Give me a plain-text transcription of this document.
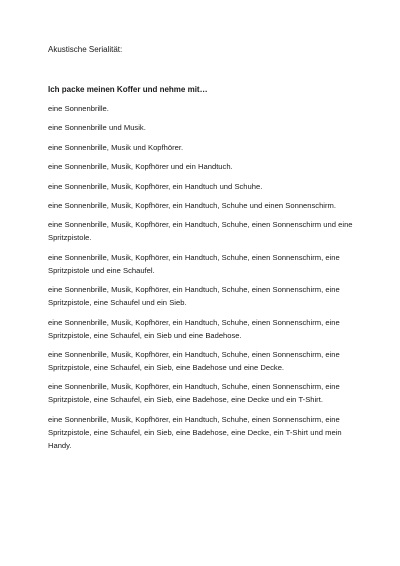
Akustische Serialität:

Ich packe meinen Koffer und nehme mit…

eine Sonnenbrille.
eine Sonnenbrille und Musik.
eine Sonnenbrille, Musik und Kopfhörer.
eine Sonnenbrille, Musik, Kopfhörer und ein Handtuch.
eine Sonnenbrille, Musik, Kopfhörer, ein Handtuch und Schuhe.
eine Sonnenbrille, Musik, Kopfhörer, ein Handtuch, Schuhe und einen Sonnenschirm.
eine Sonnenbrille, Musik, Kopfhörer, ein Handtuch, Schuhe, einen Sonnenschirm und eine Spritzpistole.
eine Sonnenbrille, Musik, Kopfhörer, ein Handtuch, Schuhe, einen Sonnenschirm, eine Spritzpistole und eine Schaufel.
eine Sonnenbrille, Musik, Kopfhörer, ein Handtuch, Schuhe, einen Sonnenschirm, eine Spritzpistole, eine Schaufel und ein Sieb.
eine Sonnenbrille, Musik, Kopfhörer, ein Handtuch, Schuhe, einen Sonnenschirm, eine Spritzpistole, eine Schaufel, ein Sieb und eine Badehose.
eine Sonnenbrille, Musik, Kopfhörer, ein Handtuch, Schuhe, einen Sonnenschirm, eine Spritzpistole, eine Schaufel, ein Sieb, eine Badehose und eine Decke.
eine Sonnenbrille, Musik, Kopfhörer, ein Handtuch, Schuhe, einen Sonnenschirm, eine Spritzpistole, eine Schaufel, ein Sieb, eine Badehose, eine Decke und ein T-Shirt.
eine Sonnenbrille, Musik, Kopfhörer, ein Handtuch, Schuhe, einen Sonnenschirm, eine Spritzpistole, eine Schaufel, ein Sieb, eine Badehose, eine Decke, ein T-Shirt und mein Handy.
